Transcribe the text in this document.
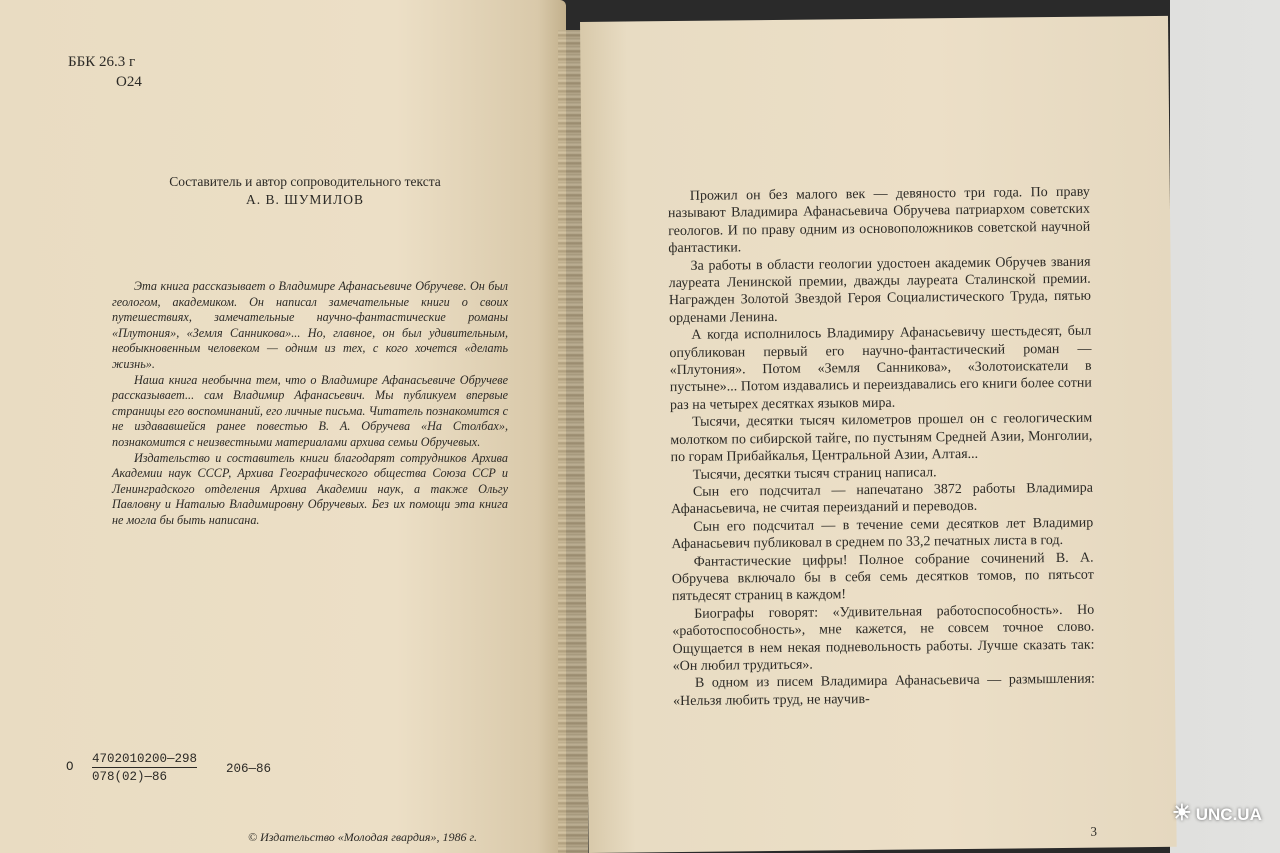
ББК 26.3 г
О24
Составитель и автор сопроводительного текста
А. В. ШУМИЛОВ

Эта книга рассказывает о Владимире Афанасьевиче Обручеве. Он был геологом, академиком. Он написал замечательные книги о своих путешествиях, замечательные научно-фантастические романы «Плутония», «Земля Санникова»... Но, главное, он был удивительным, необыкновенным человеком — одним из тех, с кого хочется «делать жизнь».

Наша книга необычна тем, что о Владимире Афанасьевиче Обручеве рассказывает... сам Владимир Афанасьевич. Мы публикуем впервые страницы его воспоминаний, его личные письма. Читатель познакомится с не издававшейся ранее повестью В. А. Обручева «На Столбах», познакомится с неизвестными материалами архива семьи Обручевых.

Издательство и составитель книги благодарят сотрудников Архива Академии наук СССР, Архива Географического общества Союза ССР и Ленинградского отделения Архива Академии наук, а также Ольгу Павловну и Наталью Владимировну Обручевых. Без их помощи эта книга не могла бы быть написана.

О
4702010200—298
078(02)—86
206—86
© Издательство «Молодая гвардия», 1986 г.

Прожил он без малого век — девяносто три года. По праву называют Владимира Афанасьевича Обручева патриархом советских геологов. И по праву одним из основоположников советской научной фантастики.

За работы в области геологии удостоен академик Обручев звания лауреата Ленинской премии, дважды лауреата Сталинской премии. Награжден Золотой Звездой Героя Социалистического Труда, пятью орденами Ленина.

А когда исполнилось Владимиру Афанасьевичу шестьдесят, был опубликован первый его научно-фантастический роман — «Плутония». Потом «Земля Санникова», «Золотоискатели в пустыне»... Потом издавались и переиздавались его книги более сотни раз на четырех десятках языков мира.

Тысячи, десятки тысяч километров прошел он с геологическим молотком по сибирской тайге, по пустыням Средней Азии, Монголии, по горам Прибайкалья, Центральной Азии, Алтая...

Тысячи, десятки тысяч страниц написал.

Сын его подсчитал — напечатано 3872 работы Владимира Афанасьевича, не считая переизданий и переводов.

Сын его подсчитал — в течение семи десятков лет Владимир Афанасьевич публиковал в среднем по 33,2 печатных листа в год.

Фантастические цифры! Полное собрание сочинений В. А. Обручева включало бы в себя семь десятков томов, по пятьсот пятьдесят страниц в каждом!

Биографы говорят: «Удивительная работоспособность». Но «работоспособность», мне кажется, не совсем точное слово. Ощущается в нем некая подневольность работы. Лучше сказать так: «Он любил трудиться».

В одном из писем Владимира Афанасьевича — размышления: «Нельзя любить труд, не научив-

3
☀ UNC.UA
